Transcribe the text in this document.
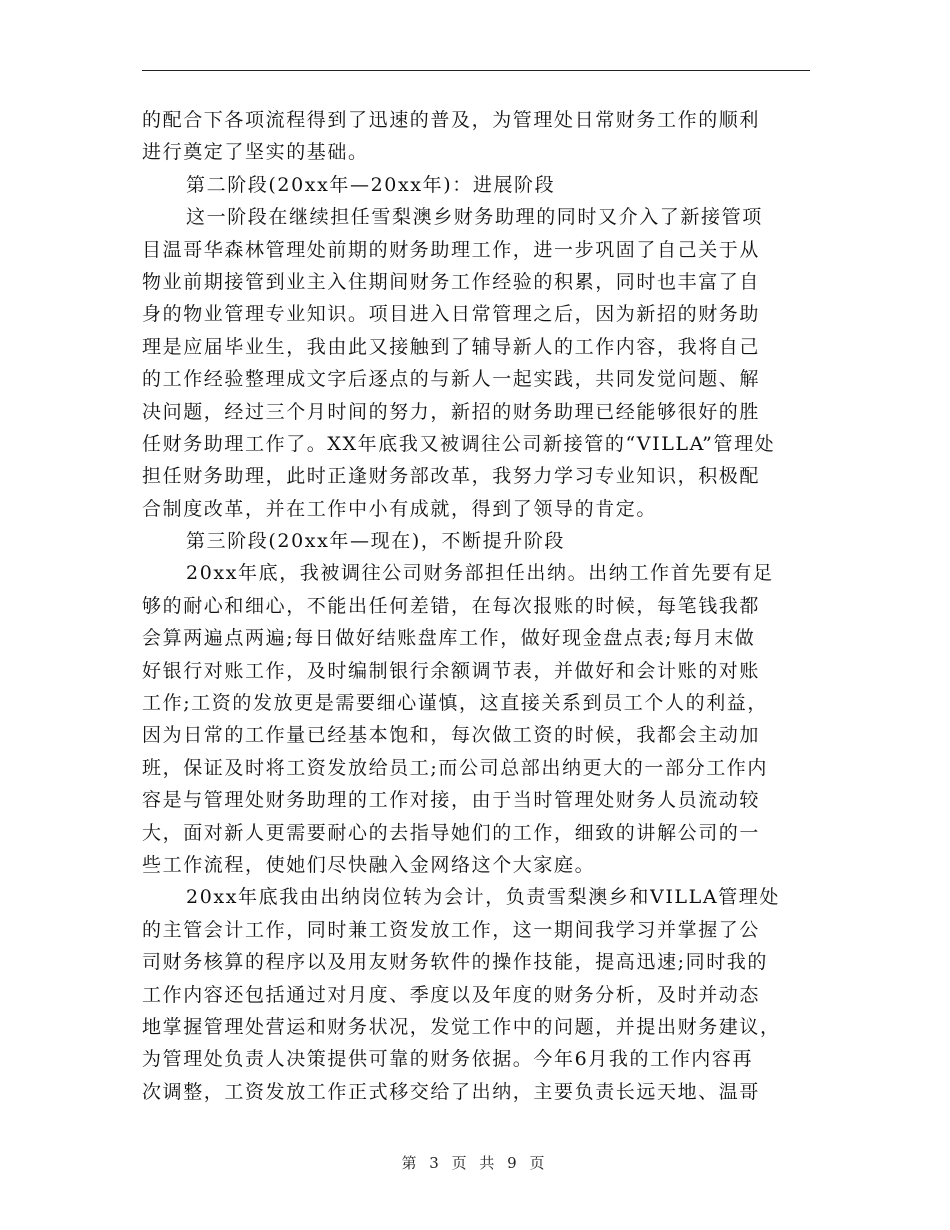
的配合下各项流程得到了迅速的普及，为管理处日常财务工作的顺利
进行奠定了坚实的基础。
第二阶段(20xx年—20xx年)：进展阶段
这一阶段在继续担任雪梨澳乡财务助理的同时又介入了新接管项
目温哥华森林管理处前期的财务助理工作，进一步巩固了自己关于从
物业前期接管到业主入住期间财务工作经验的积累，同时也丰富了自
身的物业管理专业知识。项目进入日常管理之后，因为新招的财务助
理是应届毕业生，我由此又接触到了辅导新人的工作内容，我将自己
的工作经验整理成文字后逐点的与新人一起实践，共同发觉问题、解
决问题，经过三个月时间的努力，新招的财务助理已经能够很好的胜
任财务助理工作了。XX年底我又被调往公司新接管的“VILLA”管理处
担任财务助理，此时正逢财务部改革，我努力学习专业知识，积极配
合制度改革，并在工作中小有成就，得到了领导的肯定。
第三阶段(20xx年—现在)，不断提升阶段
20xx年底，我被调往公司财务部担任出纳。出纳工作首先要有足
够的耐心和细心，不能出任何差错，在每次报账的时候，每笔钱我都
会算两遍点两遍;每日做好结账盘库工作，做好现金盘点表;每月末做
好银行对账工作，及时编制银行余额调节表，并做好和会计账的对账
工作;工资的发放更是需要细心谨慎，这直接关系到员工个人的利益，
因为日常的工作量已经基本饱和，每次做工资的时候，我都会主动加
班，保证及时将工资发放给员工;而公司总部出纳更大的一部分工作内
容是与管理处财务助理的工作对接，由于当时管理处财务人员流动较
大，面对新人更需要耐心的去指导她们的工作，细致的讲解公司的一
些工作流程，使她们尽快融入金网络这个大家庭。
20xx年底我由出纳岗位转为会计，负责雪梨澳乡和VILLA管理处
的主管会计工作，同时兼工资发放工作，这一期间我学习并掌握了公
司财务核算的程序以及用友财务软件的操作技能，提高迅速;同时我的
工作内容还包括通过对月度、季度以及年度的财务分析，及时并动态
地掌握管理处营运和财务状况，发觉工作中的问题，并提出财务建议，
为管理处负责人决策提供可靠的财务依据。今年6月我的工作内容再
次调整，工资发放工作正式移交给了出纳，主要负责长远天地、温哥
第 3 页 共 9 页
